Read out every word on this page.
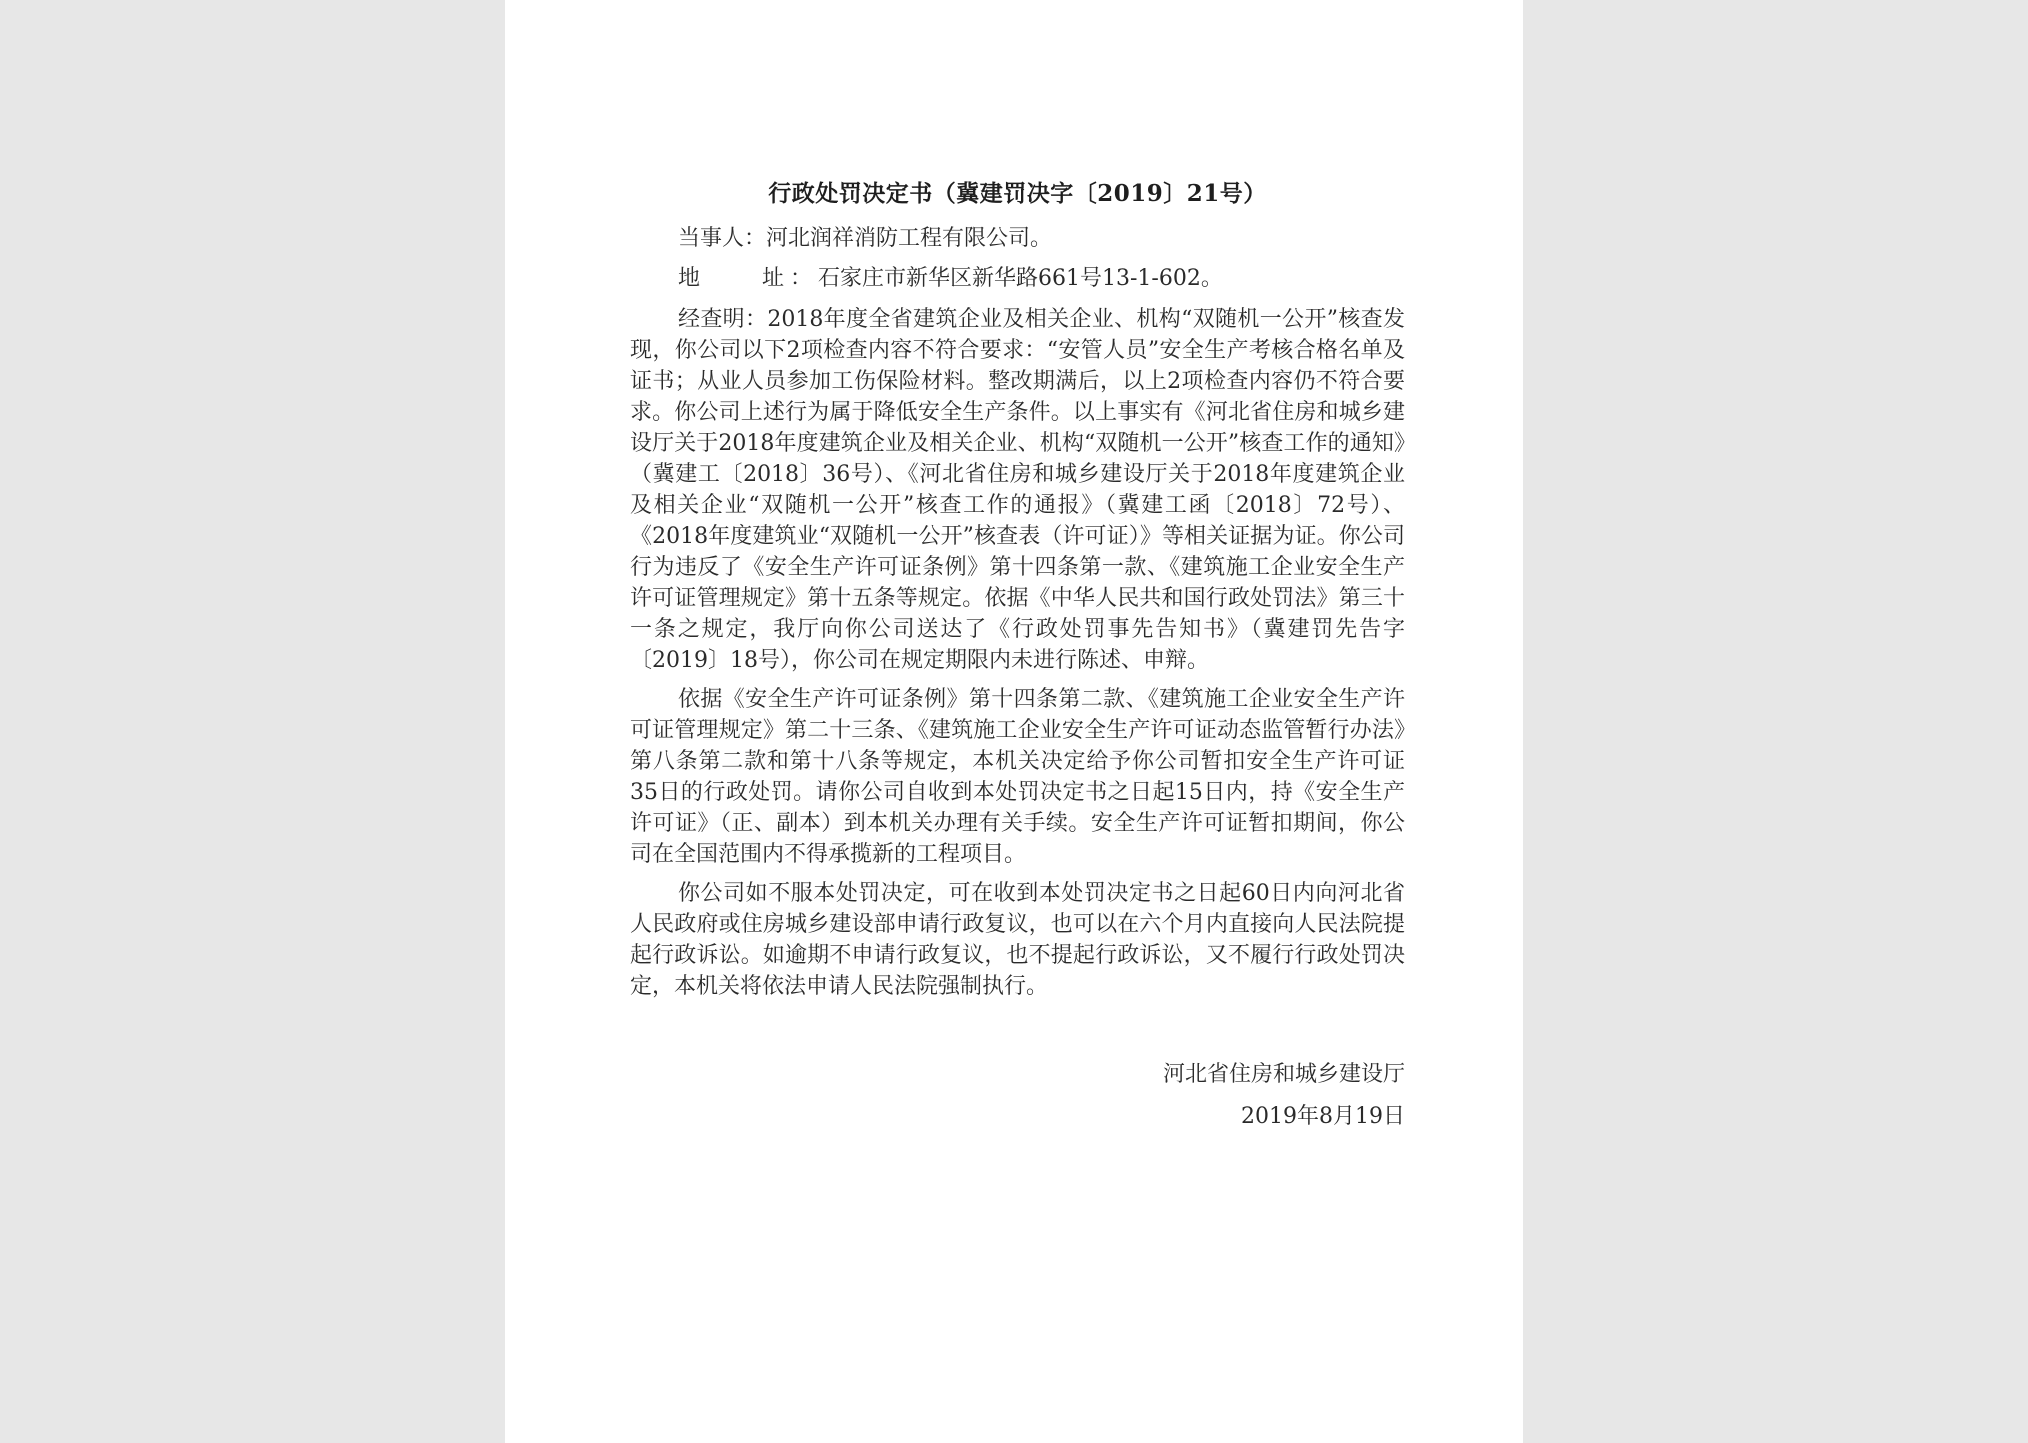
行政处罚决定书（冀建罚决字〔2019〕21号）
当事人：河北润祥消防工程有限公司。
地　　址：石家庄市新华区新华路661号13-1-602。

经查明：2018年度全省建筑企业及相关企业、机构“双随机一公开”核查发现，你公司以下2项检查内容不符合要求：“安管人员”安全生产考核合格名单及证书；从业人员参加工伤保险材料。整改期满后，以上2项检查内容仍不符合要求。你公司上述行为属于降低安全生产条件。以上事实有《河北省住房和城乡建设厅关于2018年度建筑企业及相关企业、机构“双随机一公开”核查工作的通知》（冀建工〔2018〕36号）、《河北省住房和城乡建设厅关于2018年度建筑企业及相关企业“双随机一公开”核查工作的通报》（冀建工函〔2018〕72号）、《2018年度建筑业“双随机一公开”核查表（许可证）》等相关证据为证。你公司行为违反了《安全生产许可证条例》第十四条第一款、《建筑施工企业安全生产许可证管理规定》第十五条等规定。依据《中华人民共和国行政处罚法》第三十一条之规定，我厅向你公司送达了《行政处罚事先告知书》（冀建罚先告字〔2019〕18号），你公司在规定期限内未进行陈述、申辩。

依据《安全生产许可证条例》第十四条第二款、《建筑施工企业安全生产许可证管理规定》第二十三条、《建筑施工企业安全生产许可证动态监管暂行办法》第八条第二款和第十八条等规定，本机关决定给予你公司暂扣安全生产许可证35日的行政处罚。请你公司自收到本处罚决定书之日起15日内，持《安全生产许可证》（正、副本）到本机关办理有关手续。安全生产许可证暂扣期间，你公司在全国范围内不得承揽新的工程项目。

你公司如不服本处罚决定，可在收到本处罚决定书之日起60日内向河北省人民政府或住房城乡建设部申请行政复议，也可以在六个月内直接向人民法院提起行政诉讼。如逾期不申请行政复议，也不提起行政诉讼，又不履行行政处罚决定，本机关将依法申请人民法院强制执行。

河北省住房和城乡建设厅
2019年8月19日
